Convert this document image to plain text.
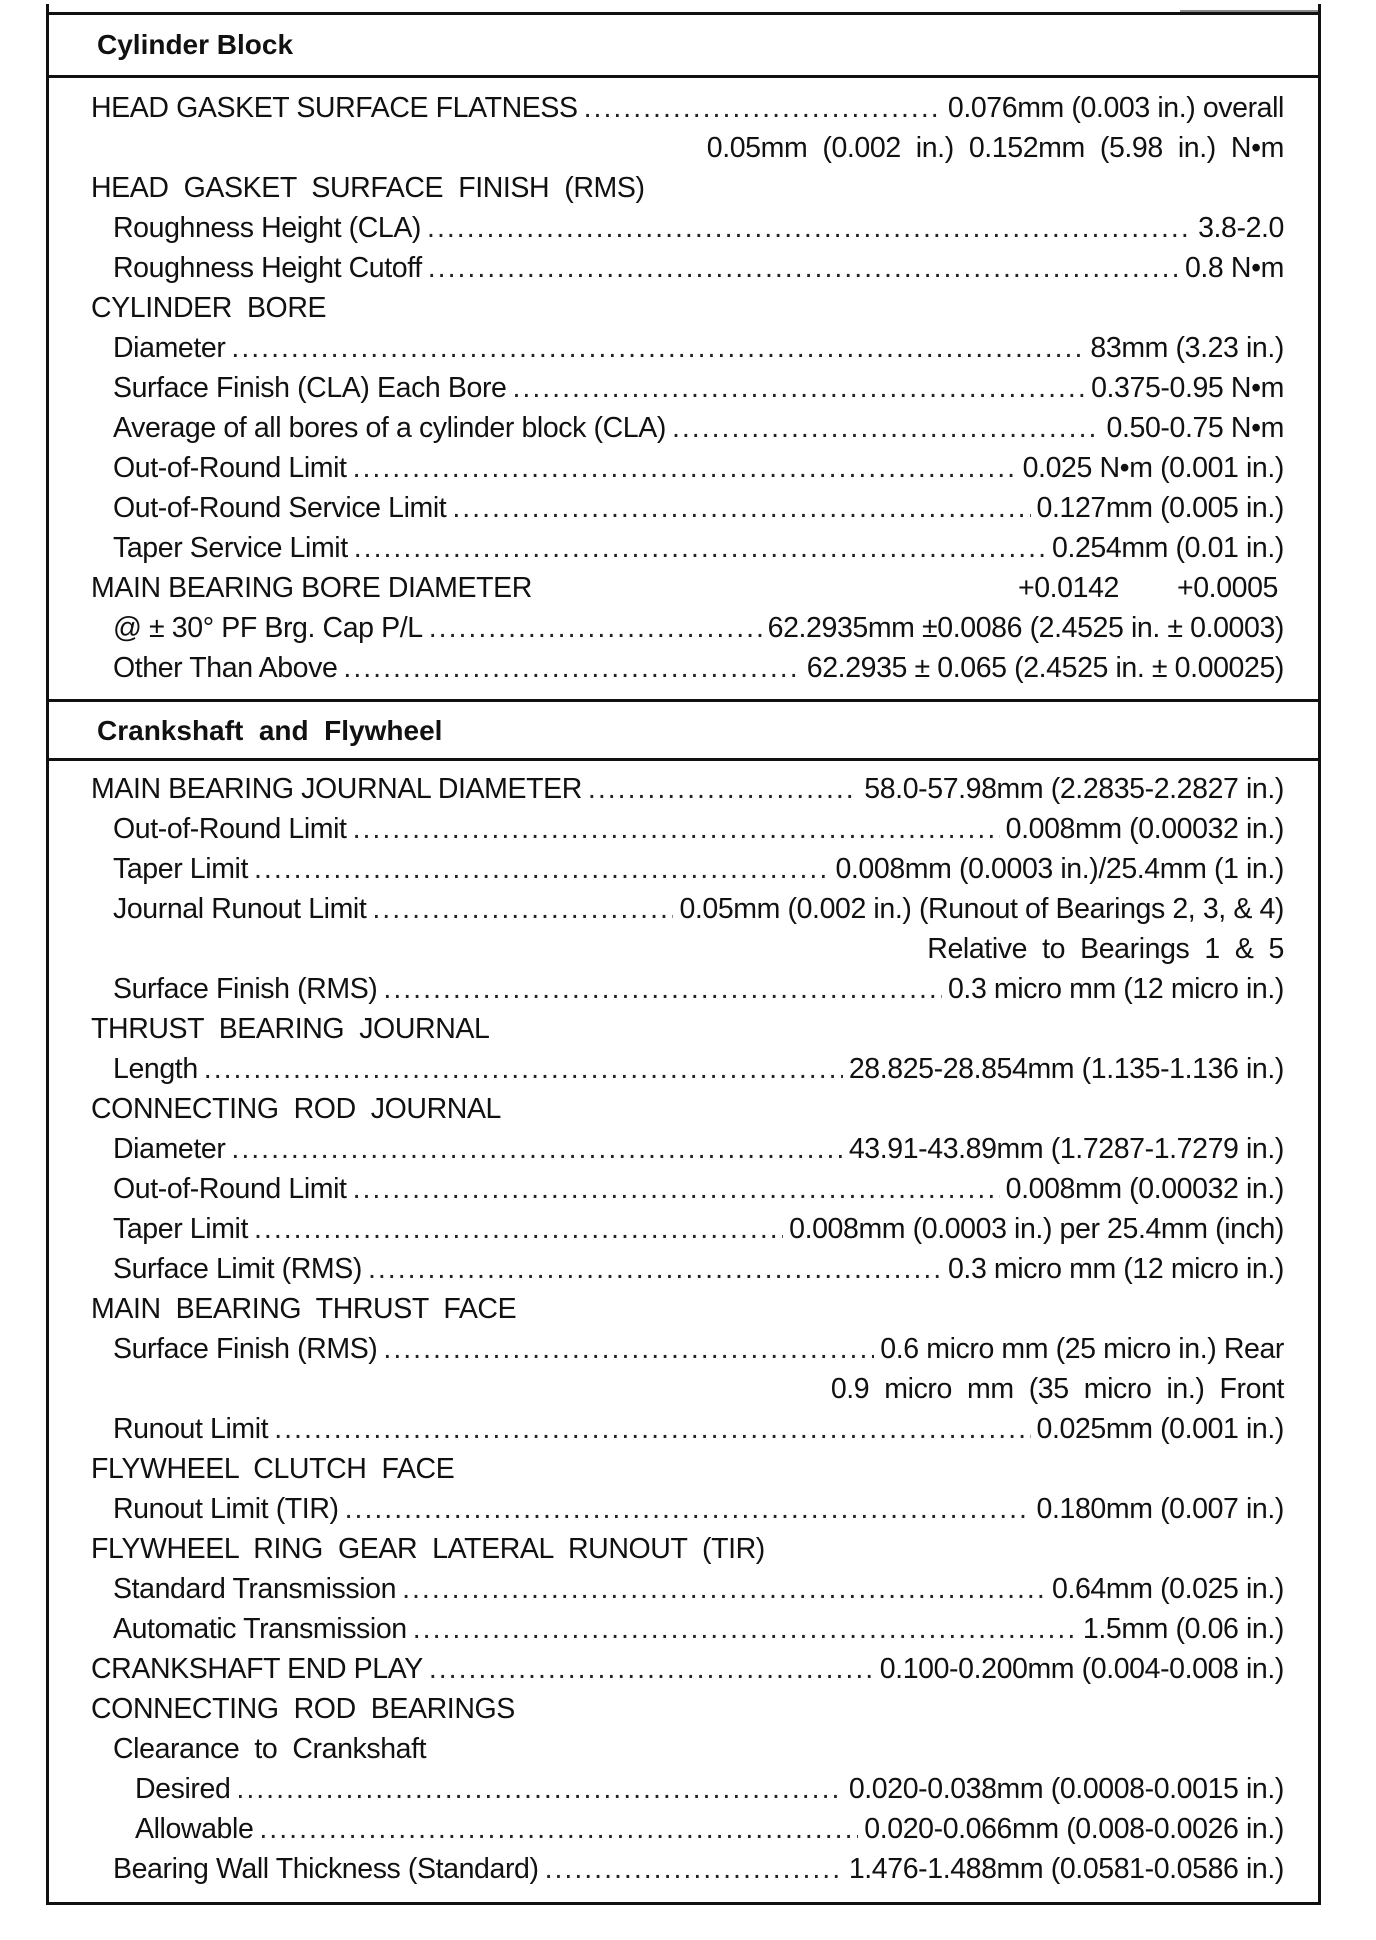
Cylinder Block
HEAD GASKET SURFACE FLATNESS .....	0.076mm (0.003 in.) overall
0.05mm  (0.002  in.)  0.152mm  (5.98  in.)  N•m
HEAD  GASKET  SURFACE  FINISH  (RMS)
Roughness Height (CLA) .....	3.8-2.0
Roughness Height Cutoff .....	0.8 N•m
CYLINDER  BORE
Diameter .....	83mm (3.23 in.)
Surface Finish (CLA) Each Bore .....	0.375-0.95 N•m
Average of all bores of a cylinder block (CLA) .....	0.50-0.75 N•m
Out-of-Round Limit .....	0.025 N•m (0.001 in.)
Out-of-Round Service Limit .....	0.127mm (0.005 in.)
Taper Service Limit .....	0.254mm (0.01 in.)
MAIN BEARING BORE DIAMETER	+0.0142 +0.0005
@ ± 30° PF Brg. Cap P/L .....	62.2935mm ±0.0086 (2.4525 in. ± 0.0003)
Other Than Above .....	62.2935 ± 0.065 (2.4525 in. ± 0.00025)
Crankshaft  and  Flywheel
MAIN BEARING JOURNAL DIAMETER .....	58.0-57.98mm (2.2835-2.2827 in.)
Out-of-Round Limit .....	0.008mm (0.00032 in.)
Taper Limit .....	0.008mm (0.0003 in.)/25.4mm (1 in.)
Journal Runout Limit .....	0.05mm (0.002 in.) (Runout of Bearings 2, 3, & 4)
Relative  to  Bearings  1  &  5
Surface Finish (RMS) .....	0.3 micro mm (12 micro in.)
THRUST  BEARING  JOURNAL
Length .....	28.825-28.854mm (1.135-1.136 in.)
CONNECTING  ROD  JOURNAL
Diameter .....	43.91-43.89mm (1.7287-1.7279 in.)
Out-of-Round Limit .....	0.008mm (0.00032 in.)
Taper Limit .....	0.008mm (0.0003 in.) per 25.4mm (inch)
Surface Limit (RMS) .....	0.3 micro mm (12 micro in.)
MAIN  BEARING  THRUST  FACE
Surface Finish (RMS) .....	0.6 micro mm (25 micro in.) Rear
0.9  micro  mm  (35  micro  in.)  Front
Runout Limit .....	0.025mm (0.001 in.)
FLYWHEEL  CLUTCH  FACE
Runout Limit (TIR) .....	0.180mm (0.007 in.)
FLYWHEEL  RING  GEAR  LATERAL  RUNOUT  (TIR)
Standard Transmission .....	0.64mm (0.025 in.)
Automatic Transmission .....	1.5mm (0.06 in.)
CRANKSHAFT END PLAY .....	0.100-0.200mm (0.004-0.008 in.)
CONNECTING  ROD  BEARINGS
Clearance  to  Crankshaft
Desired .....	0.020-0.038mm (0.0008-0.0015 in.)
Allowable .....	0.020-0.066mm (0.008-0.0026 in.)
Bearing Wall Thickness (Standard) .....	1.476-1.488mm (0.0581-0.0586 in.)
